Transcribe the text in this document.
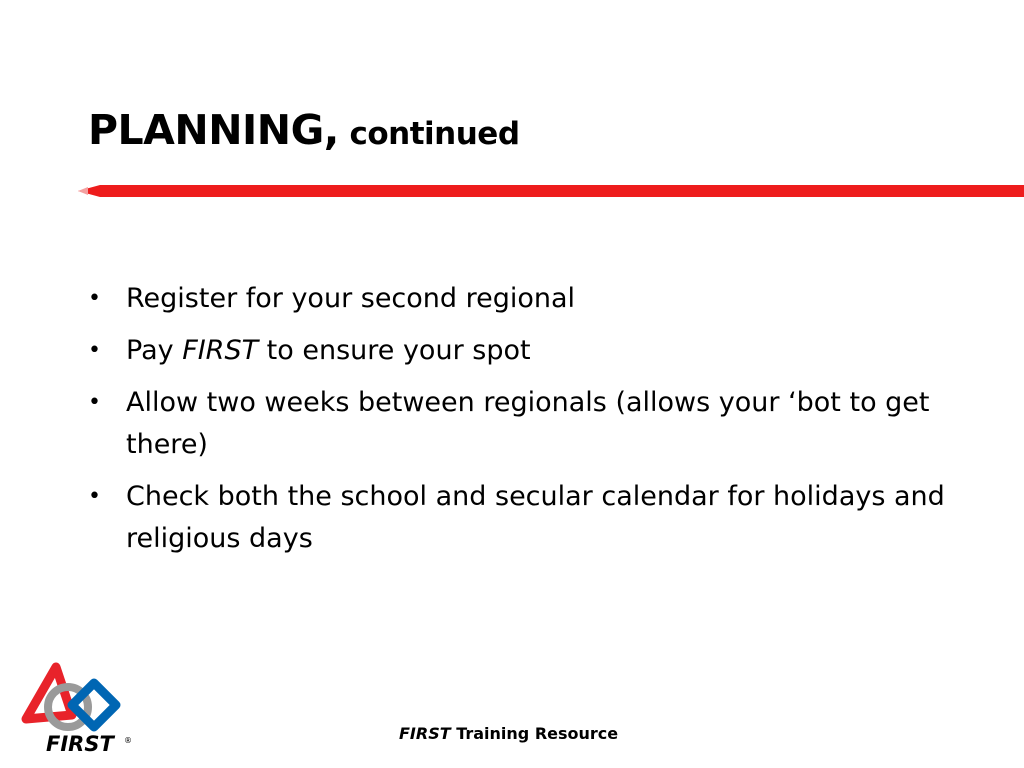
PLANNING, continued
• Register for your second regional
• Pay FIRST to ensure your spot
• Allow two weeks between regionals (allows your ‘bot to get there)
• Check both the school and secular calendar for holidays and religious days
FIRST ®	FIRST Training Resource
